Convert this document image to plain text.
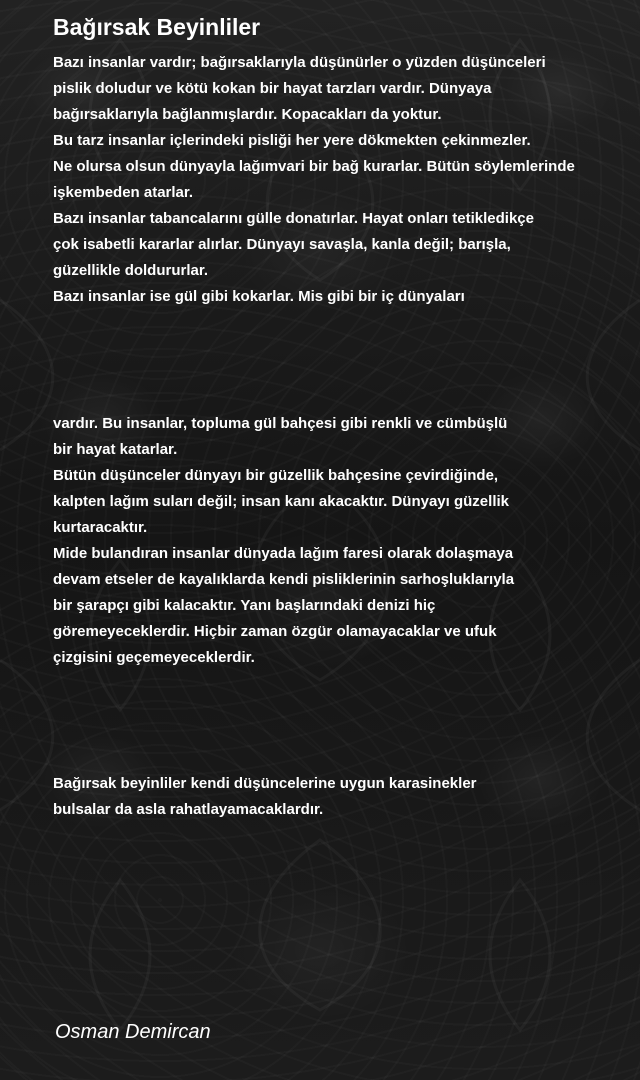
Bağırsak Beyinliler
Bazı insanlar vardır; bağırsaklarıyla düşünürler o yüzden düşünceleri
pislik doludur ve kötü kokan bir hayat tarzları vardır. Dünyaya
bağırsaklarıyla bağlanmışlardır. Kopacakları da yoktur.
Bu tarz insanlar içlerindeki pisliği her yere dökmekten çekinmezler.
Ne olursa olsun dünyayla lağımvari bir bağ kurarlar. Bütün söylemlerinde
işkembeden atarlar.
Bazı insanlar tabancalarını gülle donatırlar. Hayat onları tetikledikçe
çok isabetli kararlar alırlar. Dünyayı savaşla, kanla değil; barışla,
güzellikle doldururlar.
Bazı insanlar ise gül gibi kokarlar. Mis gibi bir iç dünyaları
vardır. Bu insanlar, topluma gül bahçesi gibi renkli ve cümbüşlü
bir hayat katarlar.
Bütün düşünceler dünyayı bir güzellik bahçesine çevirdiğinde,
kalpten lağım suları değil; insan kanı akacaktır. Dünyayı güzellik
kurtaracaktır.
Mide bulandıran insanlar dünyada lağım faresi olarak dolaşmaya
devam etseler de kayalıklarda kendi pisliklerinin sarhoşluklarıyla
bir şarapçı gibi kalacaktır. Yanı başlarındaki denizi hiç
göremeyeceklerdir. Hiçbir zaman özgür olamayacaklar ve ufuk
çizgisini geçemeyeceklerdir.
Bağırsak beyinliler kendi düşüncelerine uygun karasinekler
bulsalar da asla rahatlayamacaklardır.

Osman Demircan
